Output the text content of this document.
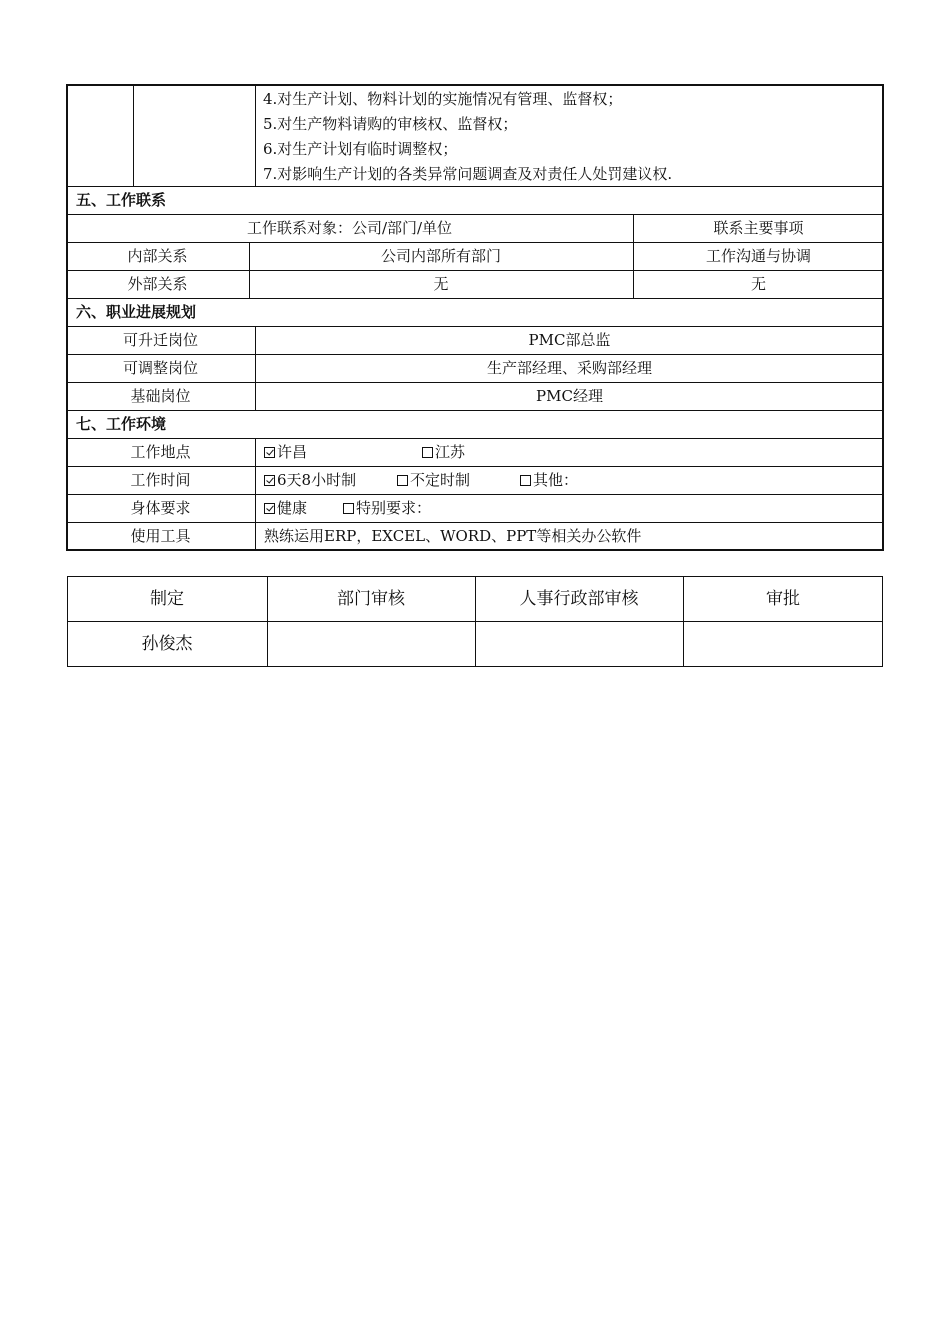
4.对生产计划、物料计划的实施情况有管理、监督权；
5.对生产物料请购的审核权、监督权；
6.对生产计划有临时调整权；
7.对影响生产计划的各类异常问题调查及对责任人处罚建议权.
五、工作联系
工作联系对象：公司/部门/单位	联系主要事项
内部关系	公司内部所有部门	工作沟通与协调
外部关系	无	无
六、职业进展规划
可升迁岗位	PMC部总监
可调整岗位	生产部经理、采购部经理
基础岗位	PMC经理
七、工作环境
工作地点	许昌	江苏
工作时间	6天8小时制	不定时制	其他：
身体要求	健康	特别要求：
使用工具	熟练运用ERP，EXCEL、WORD、PPT等相关办公软件
制定	部门审核	人事行政部审核	审批
孙俊杰
